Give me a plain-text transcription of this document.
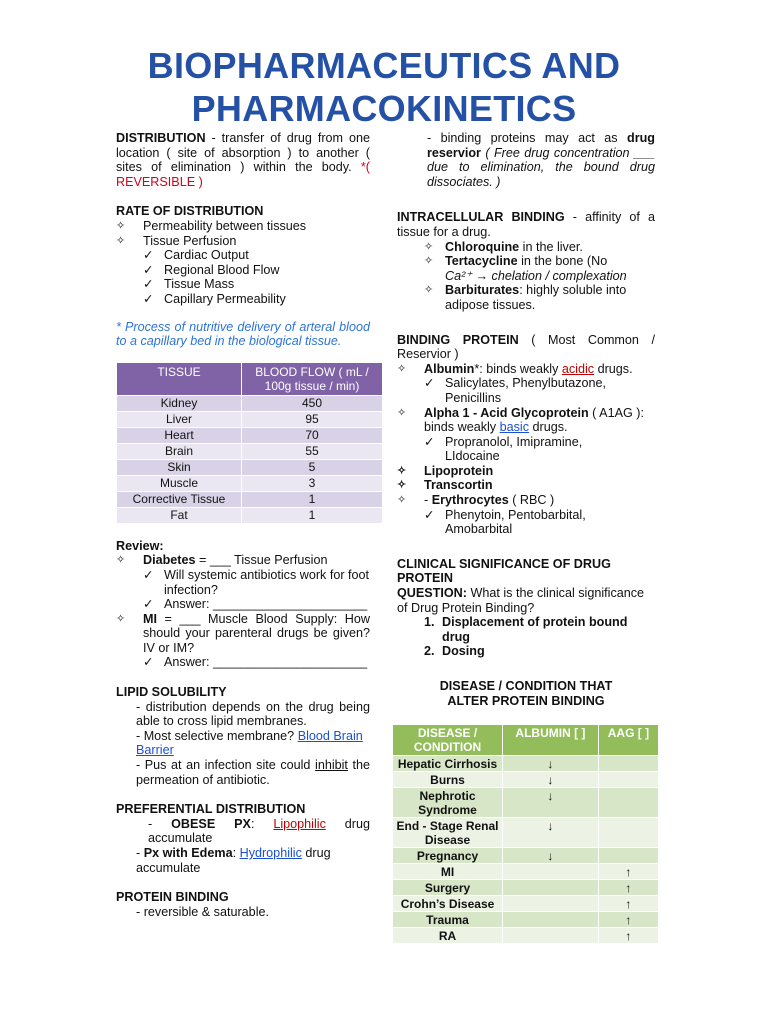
BIOPHARMACEUTICS AND
PHARMACOKINETICS
DISTRIBUTION - transfer of drug from one location ( site of absorption ) to another ( sites of elimination ) within the body. *( REVERSIBLE )
RATE OF DISTRIBUTION
✧ Permeability between tissues
✧ Tissue Perfusion
✓ Cardiac Output
✓ Regional Blood Flow
✓ Tissue Mass
✓ Capillary Permeability
* Process of nutritive delivery of arteral blood to a capillary bed in the biological tissue.
TISSUE	BLOOD FLOW ( mL / 100g tissue / min)
Kidney	450
Liver	95
Heart	70
Brain	55
Skin	5
Muscle	3
Corrective Tissue	1
Fat	1
Review:
✧ Diabetes = ___ Tissue Perfusion
✓ Will systemic antibiotics work for foot infection?
✓ Answer: ______________________
✧ MI = ___ Muscle Blood Supply: How should your parenteral drugs be given? IV or IM?
✓ Answer: ______________________
LIPID SOLUBILITY
- distribution depends on the drug being able to cross lipid membranes.
- Most selective membrane? Blood Brain Barrier
- Pus at an infection site could inhibit the permeation of antibiotic.
PREFERENTIAL DISTRIBUTION
- OBESE PX: Lipophilic drug accumulate
- Px with Edema: Hydrophilic drug accumulate
PROTEIN BINDING
- reversible & saturable.
- binding proteins may act as drug reservior ( Free drug concentration ___ due to elimination, the bound drug dissociates. )
INTRACELLULAR BINDING - affinity of a tissue for a drug.
✧ Chloroquine in the liver.
✧ Tertacycline in the bone (No
Ca²⁺ → chelation / complexation
✧ Barbiturates: highly soluble into adipose tissues.
BINDING PROTEIN ( Most Common / Reservior )
✧ Albumin*: binds weakly acidic drugs.
✓ Salicylates, Phenylbutazone, Penicillins
✧ Alpha 1 - Acid Glycoprotein ( A1AG ): binds weakly basic drugs.
✓ Propranolol, Imipramine, LIdocaine
✧ Lipoprotein
✧ Transcortin
✧ - Erythrocytes ( RBC )
✓ Phenytoin, Pentobarbital, Amobarbital
CLINICAL SIGNIFICANCE OF DRUG PROTEIN
QUESTION: What is the clinical significance of Drug Protein Binding?
1. Displacement of protein bound drug
2. Dosing
DISEASE / CONDITION THAT ALTER PROTEIN BINDING
DISEASE / CONDITION	ALBUMIN [ ]	AAG [ ]
Hepatic Cirrhosis	↓	
Burns	↓	
Nephrotic Syndrome	↓	
End - Stage Renal Disease	↓	
Pregnancy	↓	
MI		↑
Surgery		↑
Crohn’s Disease		↑
Trauma		↑
RA		↑
